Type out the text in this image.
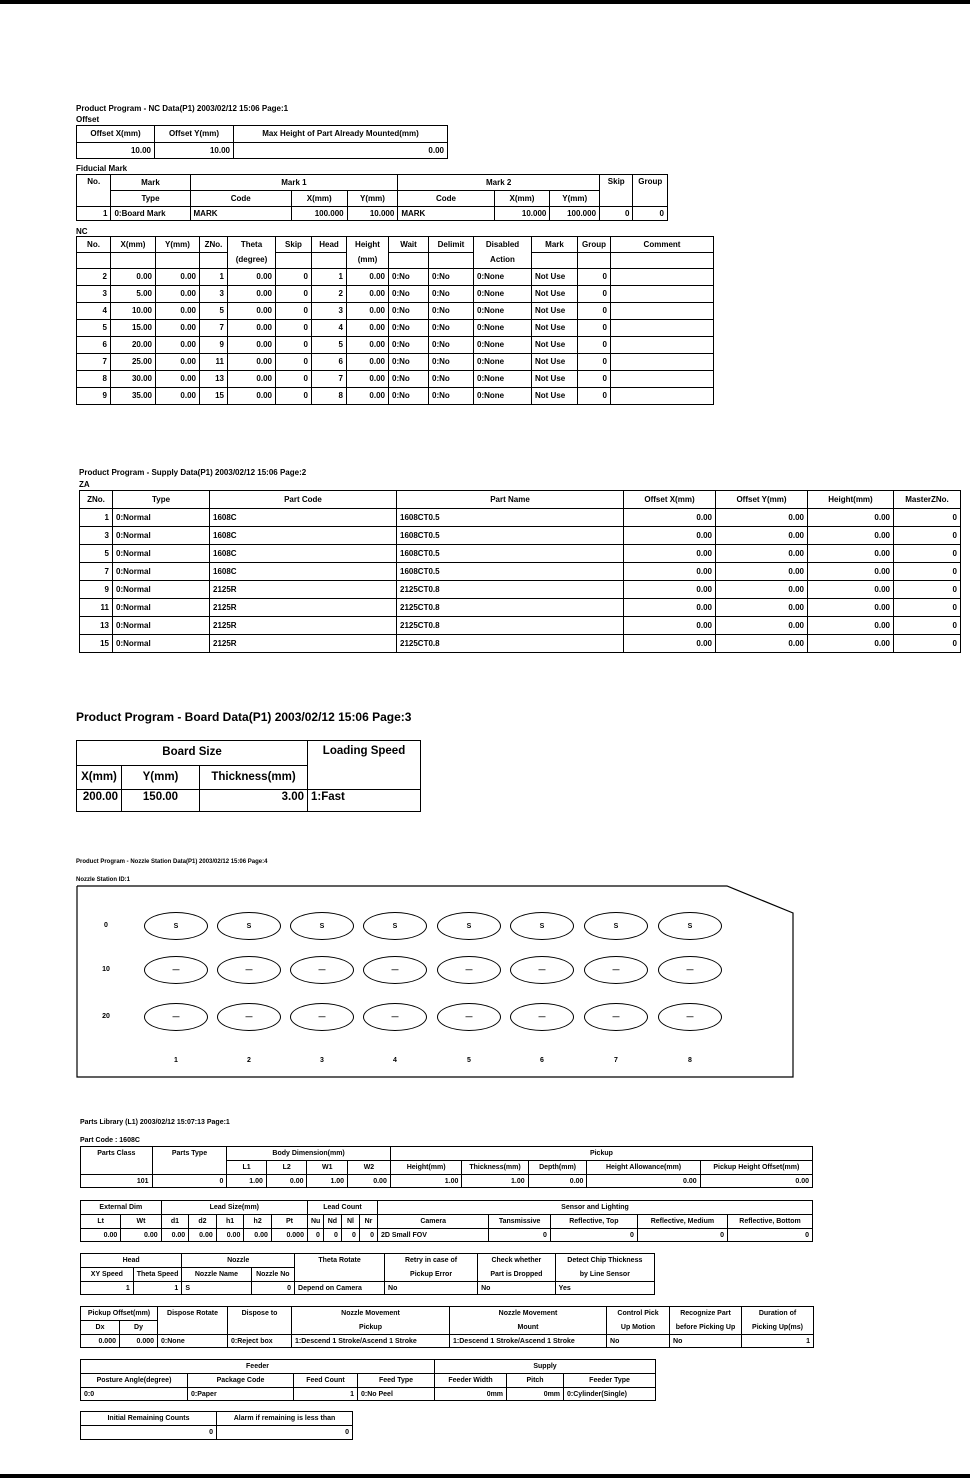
Product Program - NC Data(P1) 2003/02/12 15:06 Page:1
Offset
Offset X(mm)	Offset Y(mm)	Max Height of Part Already Mounted(mm)
10.00	10.00	0.00
Fiducial Mark
No.	Mark	Mark 1			Mark 2			Skip	Group
	Type	Code	X(mm)	Y(mm)	Code	X(mm)	Y(mm)		
1	0:Board Mark	MARK	100.000	10.000	MARK	10.000	100.000	0	0
NC
No.	X(mm)	Y(mm)	ZNo.	Theta	Skip	Head	Height	Wait	Delimit	Disabled	Mark	Group	Comment
				(degree)			(mm)			Action			
2	0.00	0.00	1	0.00	0	1	0.00	0:No	0:No	0:None	Not Use	0	
3	5.00	0.00	3	0.00	0	2	0.00	0:No	0:No	0:None	Not Use	0	
4	10.00	0.00	5	0.00	0	3	0.00	0:No	0:No	0:None	Not Use	0	
5	15.00	0.00	7	0.00	0	4	0.00	0:No	0:No	0:None	Not Use	0	
6	20.00	0.00	9	0.00	0	5	0.00	0:No	0:No	0:None	Not Use	0	
7	25.00	0.00	11	0.00	0	6	0.00	0:No	0:No	0:None	Not Use	0	
8	30.00	0.00	13	0.00	0	7	0.00	0:No	0:No	0:None	Not Use	0	
9	35.00	0.00	15	0.00	0	8	0.00	0:No	0:No	0:None	Not Use	0	
Product Program - Supply Data(P1) 2003/02/12 15:06 Page:2
ZA
ZNo.	Type	Part Code	Part Name	Offset X(mm)	Offset Y(mm)	Height(mm)	MasterZNo.
1	0:Normal	1608C	1608CT0.5	0.00	0.00	0.00	0
3	0:Normal	1608C	1608CT0.5	0.00	0.00	0.00	0
5	0:Normal	1608C	1608CT0.5	0.00	0.00	0.00	0
7	0:Normal	1608C	1608CT0.5	0.00	0.00	0.00	0
9	0:Normal	2125R	2125CT0.8	0.00	0.00	0.00	0
11	0:Normal	2125R	2125CT0.8	0.00	0.00	0.00	0
13	0:Normal	2125R	2125CT0.8	0.00	0.00	0.00	0
15	0:Normal	2125R	2125CT0.8	0.00	0.00	0.00	0
Product Program - Board Data(P1) 2003/02/12 15:06 Page:3
Board Size			Loading Speed
X(mm)	Y(mm)	Thickness(mm)	
200.00	150.00	3.00	1:Fast
Product Program - Nozzle Station Data(P1) 2003/02/12 15:06 Page:4
Nozzle Station ID:1
0	S	S	S	S	S	S	S	S
10	—	—	—	—	—	—	—	—
20	—	—	—	—	—	—	—	—
1	2	3	4	5	6	7	8
Parts Library (L1) 2003/02/12 15:07:13 Page:1
Part Code : 1608C
Parts Class	Parts Type	Body Dimension(mm)				Pickup				
		L1	L2	W1	W2	Height(mm)	Thickness(mm)	Depth(mm)	Height Allowance(mm)	Pickup Height Offset(mm)
101	0	1.00	0.00	1.00	0.00	1.00	1.00	0.00	0.00	0.00
External Dim		Lead Size(mm)					Lead Count				Sensor and Lighting				
Lt	Wt	d1	d2	h1	h2	Pt	Nu	Nd	Nl	Nr	Camera	Tansmissive	Reflective, Top	Reflective, Medium	Reflective, Bottom
0.00	0.00	0.00	0.00	0.00	0.00	0.000	0	0	0	0	2D Small FOV	0	0	0	0
Head		Nozzle		Theta Rotate	Retry in case of	Check whether	Detect Chip Thickness
XY Speed	Theta Speed	Nozzle Name	Nozzle No		Pickup Error	Part is Dropped	by Line Sensor
1	1	S	0	Depend on Camera	No	No	Yes
Pickup Offset(mm)		Dispose Rotate	Dispose to	Nozzle Movement	Nozzle Movement	Control Pick	Recognize Part	Duration of
Dx	Dy			Pickup	Mount	Up Motion	before Picking Up	Picking Up(ms)
0.000	0.000	0:None	0:Reject box	1:Descend 1 Stroke/Ascend 1 Stroke	1:Descend 1 Stroke/Ascend 1 Stroke	No	No	1
Feeder				Supply		
Posture Angle(degree)	Package Code	Feed Count	Feed Type	Feeder Width	Pitch	Feeder Type
0:0	0:Paper	1	0:No Peel	0mm	0mm	0:Cylinder(Single)
Initial Remaining Counts	Alarm if remaining is less than
0	0
